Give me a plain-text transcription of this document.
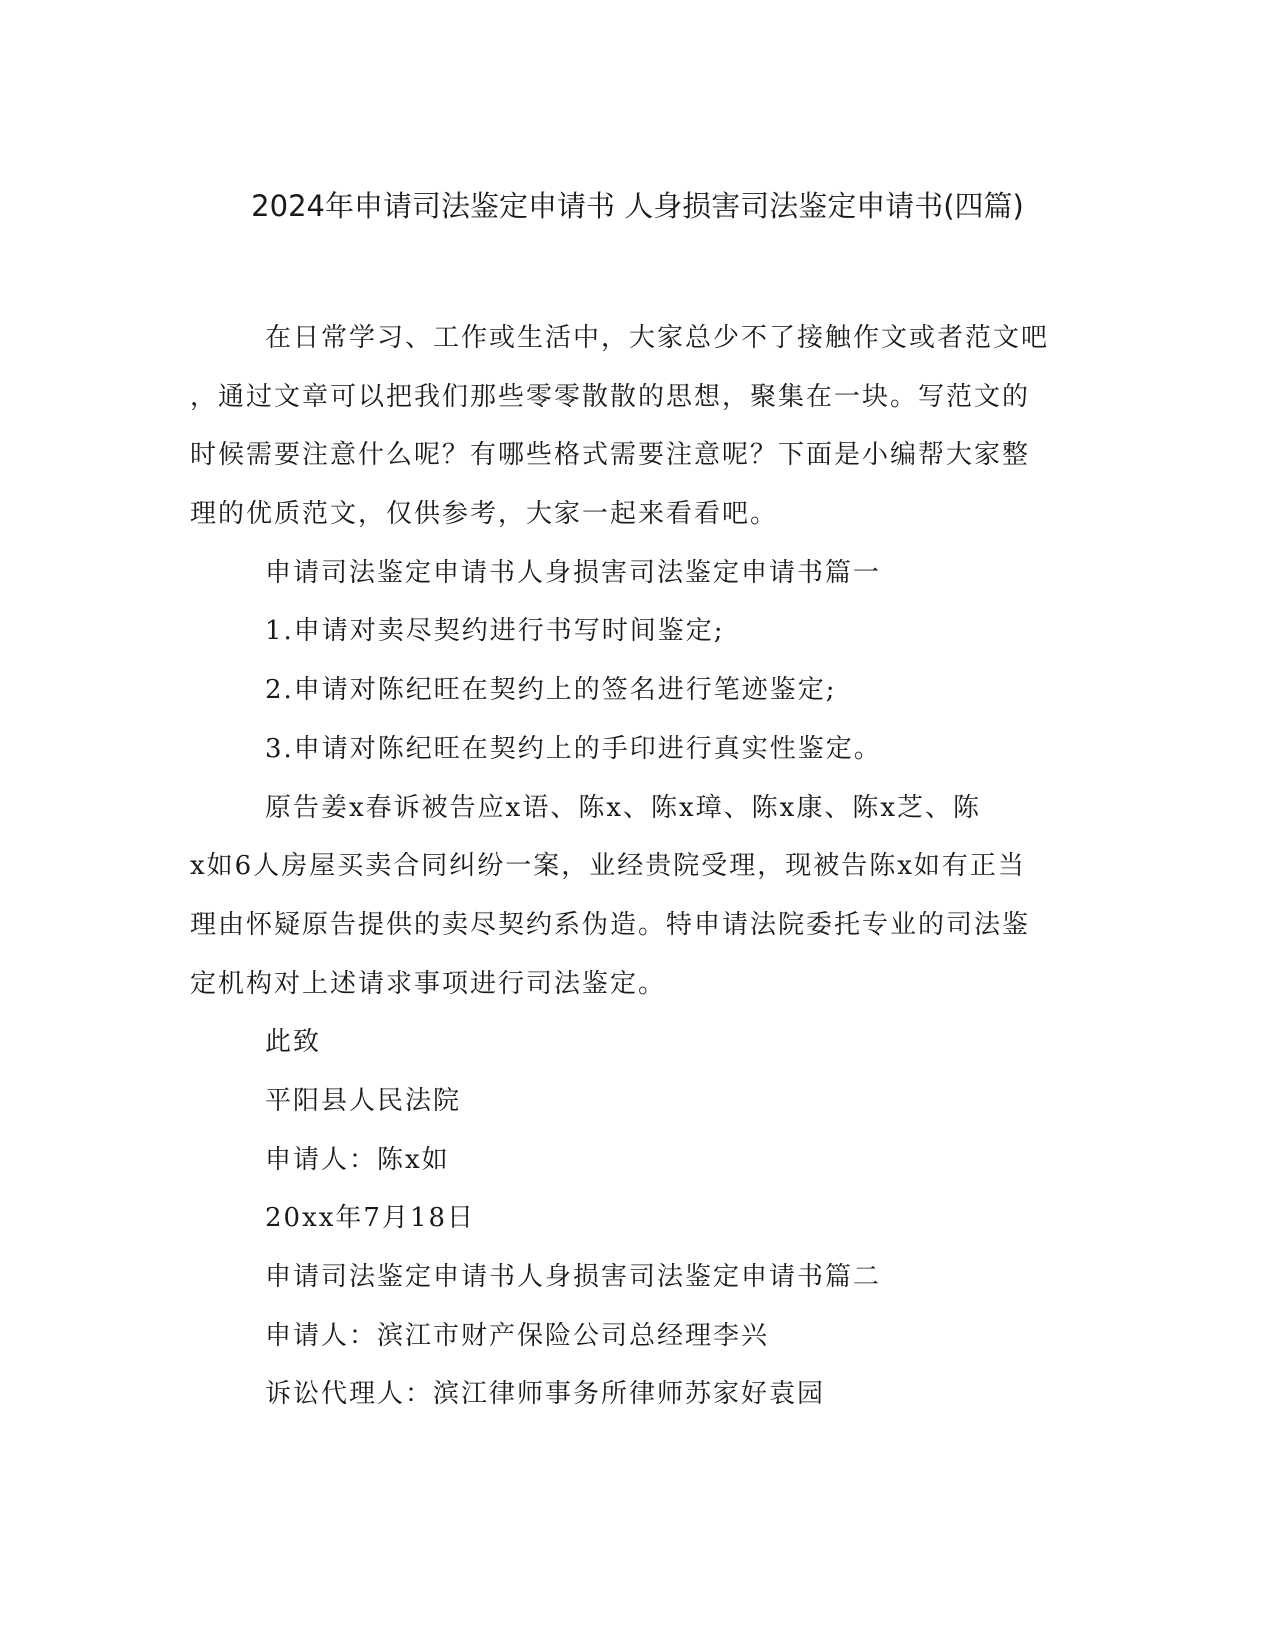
2024年申请司法鉴定申请书 人身损害司法鉴定申请书(四篇)
在日常学习、工作或生活中，大家总少不了接触作文或者范文吧
，通过文章可以把我们那些零零散散的思想，聚集在一块。写范文的
时候需要注意什么呢？有哪些格式需要注意呢？下面是小编帮大家整
理的优质范文，仅供参考，大家一起来看看吧。
申请司法鉴定申请书人身损害司法鉴定申请书篇一
1.申请对卖尽契约进行书写时间鉴定;
2.申请对陈纪旺在契约上的签名进行笔迹鉴定;
3.申请对陈纪旺在契约上的手印进行真实性鉴定。
原告姜x春诉被告应x语、陈x、陈x璋、陈x康、陈x芝、陈
x如6人房屋买卖合同纠纷一案，业经贵院受理，现被告陈x如有正当
理由怀疑原告提供的卖尽契约系伪造。特申请法院委托专业的司法鉴
定机构对上述请求事项进行司法鉴定。
此致
平阳县人民法院
申请人：陈x如
20xx年7月18日
申请司法鉴定申请书人身损害司法鉴定申请书篇二
申请人：滨江市财产保险公司总经理李兴
诉讼代理人：滨江律师事务所律师苏家好袁园
